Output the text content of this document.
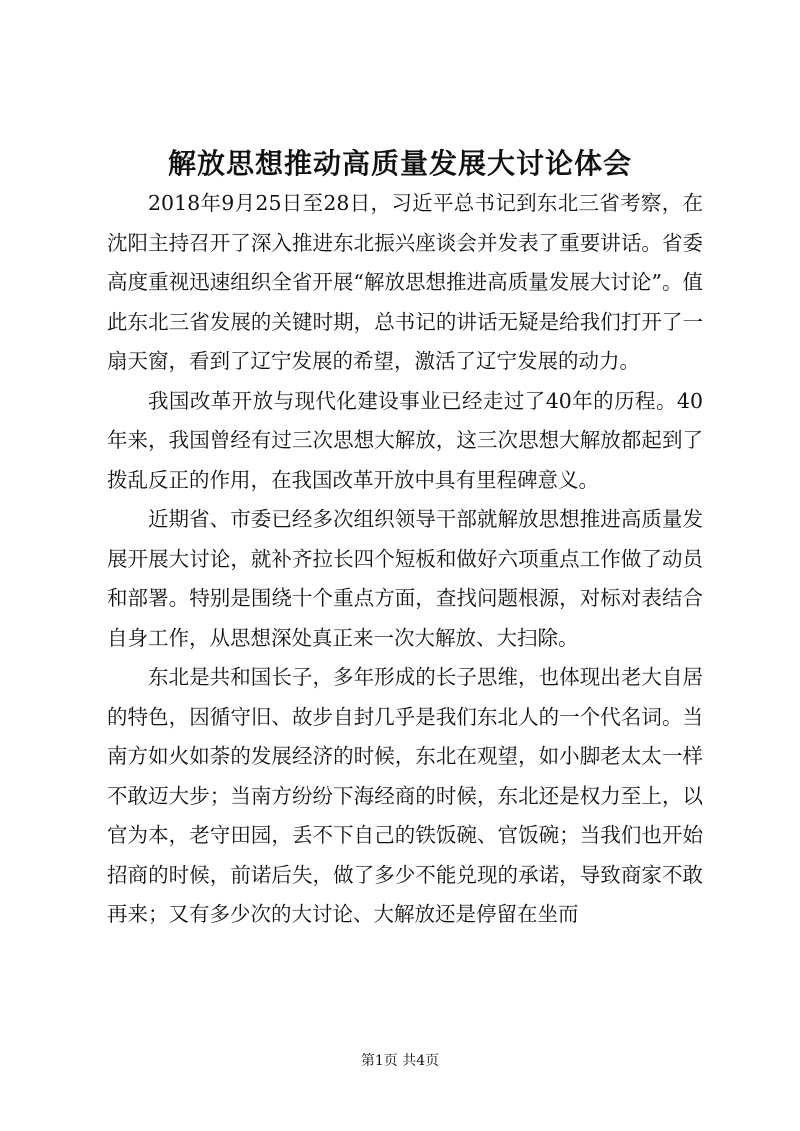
解放思想推动高质量发展大讨论体会

2018年9月25日至28日，习近平总书记到东北三省考察，在沈阳主持召开了深入推进东北振兴座谈会并发表了重要讲话。省委高度重视迅速组织全省开展“解放思想推进高质量发展大讨论”。值此东北三省发展的关键时期，总书记的讲话无疑是给我们打开了一扇天窗，看到了辽宁发展的希望，激活了辽宁发展的动力。

我国改革开放与现代化建设事业已经走过了40年的历程。40年来，我国曾经有过三次思想大解放，这三次思想大解放都起到了拨乱反正的作用，在我国改革开放中具有里程碑意义。

近期省、市委已经多次组织领导干部就解放思想推进高质量发展开展大讨论，就补齐拉长四个短板和做好六项重点工作做了动员和部署。特别是围绕十个重点方面，查找问题根源，对标对表结合自身工作，从思想深处真正来一次大解放、大扫除。

东北是共和国长子，多年形成的长子思维，也体现出老大自居的特色，因循守旧、故步自封几乎是我们东北人的一个代名词。当南方如火如荼的发展经济的时候，东北在观望，如小脚老太太一样不敢迈大步；当南方纷纷下海经商的时候，东北还是权力至上，以官为本，老守田园，丢不下自己的铁饭碗、官饭碗；当我们也开始招商的时候，前诺后失，做了多少不能兑现的承诺，导致商家不敢再来；又有多少次的大讨论、大解放还是停留在坐而

第1页 共4页
